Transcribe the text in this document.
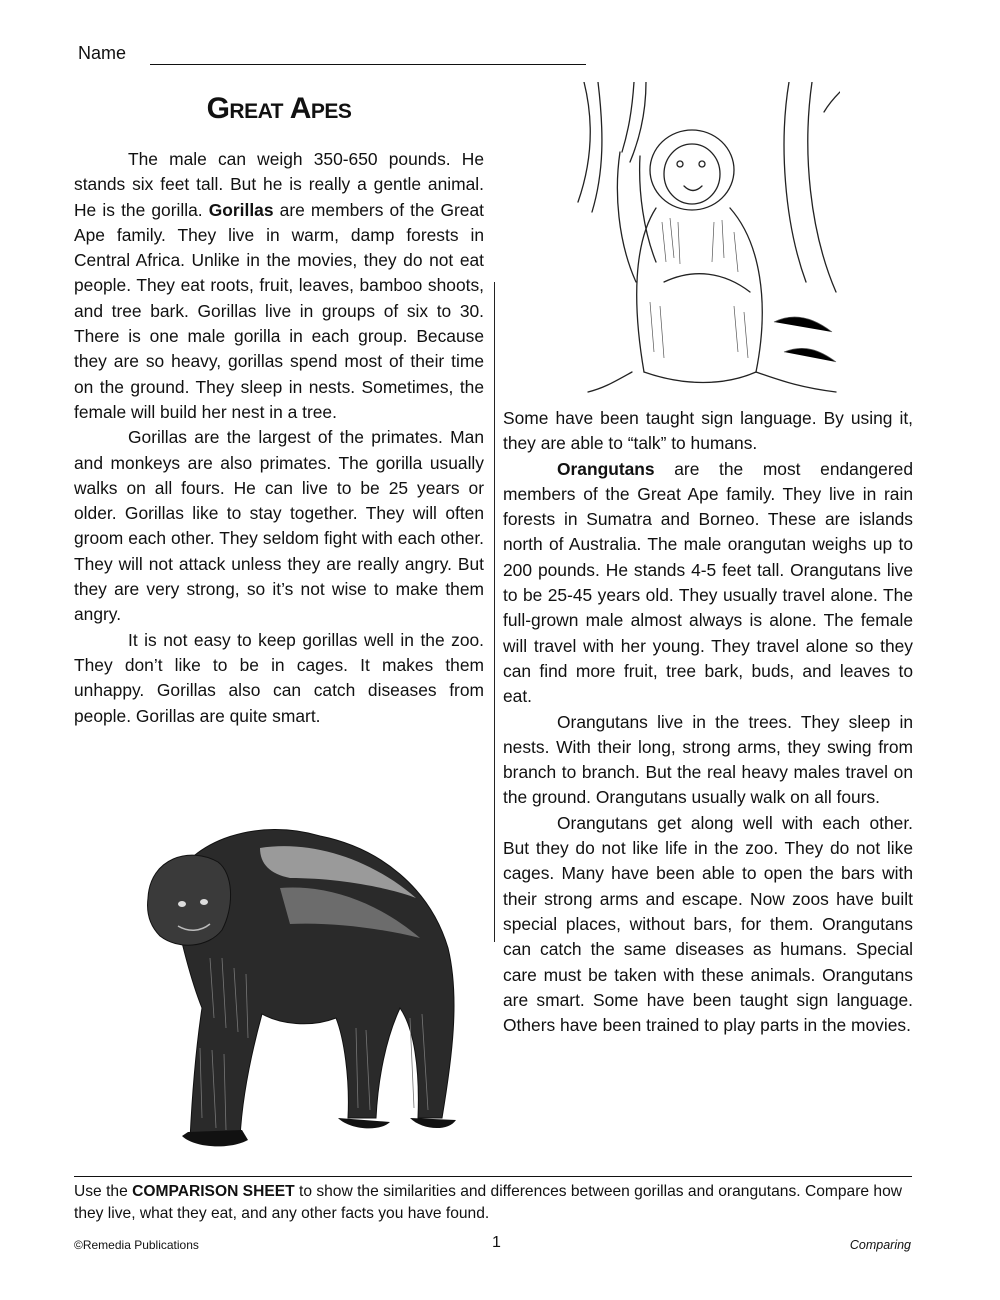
Name
Great Apes

The male can weigh 350-650 pounds. He stands six feet tall. But he is really a gentle animal. He is the gorilla. Gorillas are members of the Great Ape family. They live in warm, damp forests in Central Africa. Unlike in the movies, they do not eat people. They eat roots, fruit, leaves, bamboo shoots, and tree bark. Gorillas live in groups of six to 30. There is one male gorilla in each group. Because they are so heavy, gorillas spend most of their time on the ground. They sleep in nests. Sometimes, the female will build her nest in a tree.

Gorillas are the largest of the primates. Man and monkeys are also primates. The gorilla usually walks on all fours. He can live to be 25 years or older. Gorillas like to stay together. They will often groom each other. They seldom fight with each other. They will not attack unless they are really angry. But they are very strong, so it’s not wise to make them angry.

It is not easy to keep gorillas well in the zoo. They don’t like to be in cages. It makes them unhappy. Gorillas also can catch diseases from people. Gorillas are quite smart.

Some have been taught sign language. By using it, they are able to “talk” to humans.

Orangutans are the most endangered members of the Great Ape family. They live in rain forests in Sumatra and Borneo. These are islands north of Australia. The male orangutan weighs up to 200 pounds. He stands 4-5 feet tall. Orangutans live to be 25-45 years old. They usually travel alone. The full-grown male almost always is alone. The female will travel with her young. They travel alone so they can find more fruit, tree bark, buds, and leaves to eat.

Orangutans live in the trees. They sleep in nests. With their long, strong arms, they swing from branch to branch. But the real heavy males travel on the ground. Orangutans usually walk on all fours.

Orangutans get along well with each other. But they do not like life in the zoo. They do not like cages. Many have been able to open the bars with their strong arms and escape. Now zoos have built special places, without bars, for them. Orangutans can catch the same diseases as humans. Special care must be taken with these animals. Orangutans are smart. Some have been taught sign language. Others have been trained to play parts in the movies.

Use the COMPARISON SHEET to show the similarities and differences between gorillas and orangutans. Compare how they live, what they eat, and any other facts you have found.
©Remedia Publications	1	Comparing
